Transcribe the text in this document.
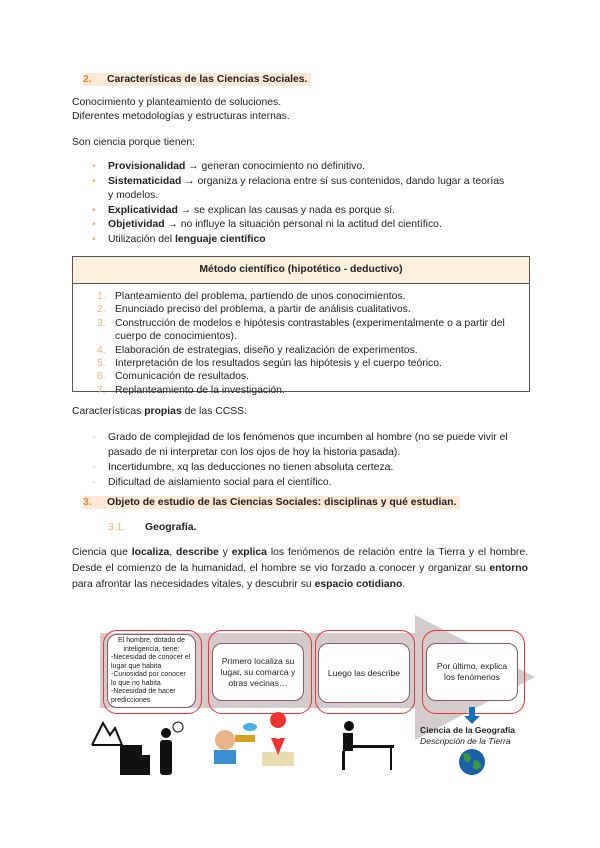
2. Características de las Ciencias Sociales.
Conocimiento y planteamiento de soluciones.
Diferentes metodologías y estructuras internas.
Son ciencia porque tienen:
• Provisionalidad → generan conocimiento no definitivo.
• Sistematicidad → organiza y relaciona entre sí sus contenidos, dando lugar a teorías y modelos.
• Explicatividad → se explican las causas y nada es porque sí.
• Objetividad → no influye la situación personal ni la actitud del científico.
• Utilización del lenguaje científico
Método científico (hipotético - deductivo)
1. Planteamiento del problema, partiendo de unos conocimientos.
2. Enunciado preciso del problema, a partir de análisis cualitativos.
3. Construcción de modelos e hipótesis contrastables (experimentalmente o a partir del cuerpo de conocimientos).
4. Elaboración de estrategias, diseño y realización de experimentos.
5. Interpretación de los resultados según las hipótesis y el cuerpo teórico.
6. Comunicación de resultados.
7. Replanteamiento de la investigación.
Características propias de las CCSS:
- Grado de complejidad de los fenómenos que incumben al hombre (no se puede vivir el pasado de ni interpretar con los ojos de hoy la historia pasada).
- Incertidumbre, xq las deducciones no tienen absoluta certeza.
- Dificultad de aislamiento social para el científico.
3. Objeto de estudio de las Ciencias Sociales: disciplinas y qué estudian.
3.1. Geografía.
Ciencia que localiza, describe y explica los fenómenos de relación entre la Tierra y el hombre. Desde el comienzo de la humanidad, el hombre se vio forzado a conocer y organizar su entorno para afrontar las necesidades vitales, y descubrir su espacio cotidiano.
El hombre, dotado de inteligencia, tiene:
-Necesidad de conocer el lugar que habita
-Curiosidad por conocer lo que no habita
-Necesidad de hacer predicciones
Primero localiza su lugar, su comarca y otras vecinas…
Luego las describe
Por último, explica los fenómenos
Ciencia de la Geografía
Descripción de la Tierra
